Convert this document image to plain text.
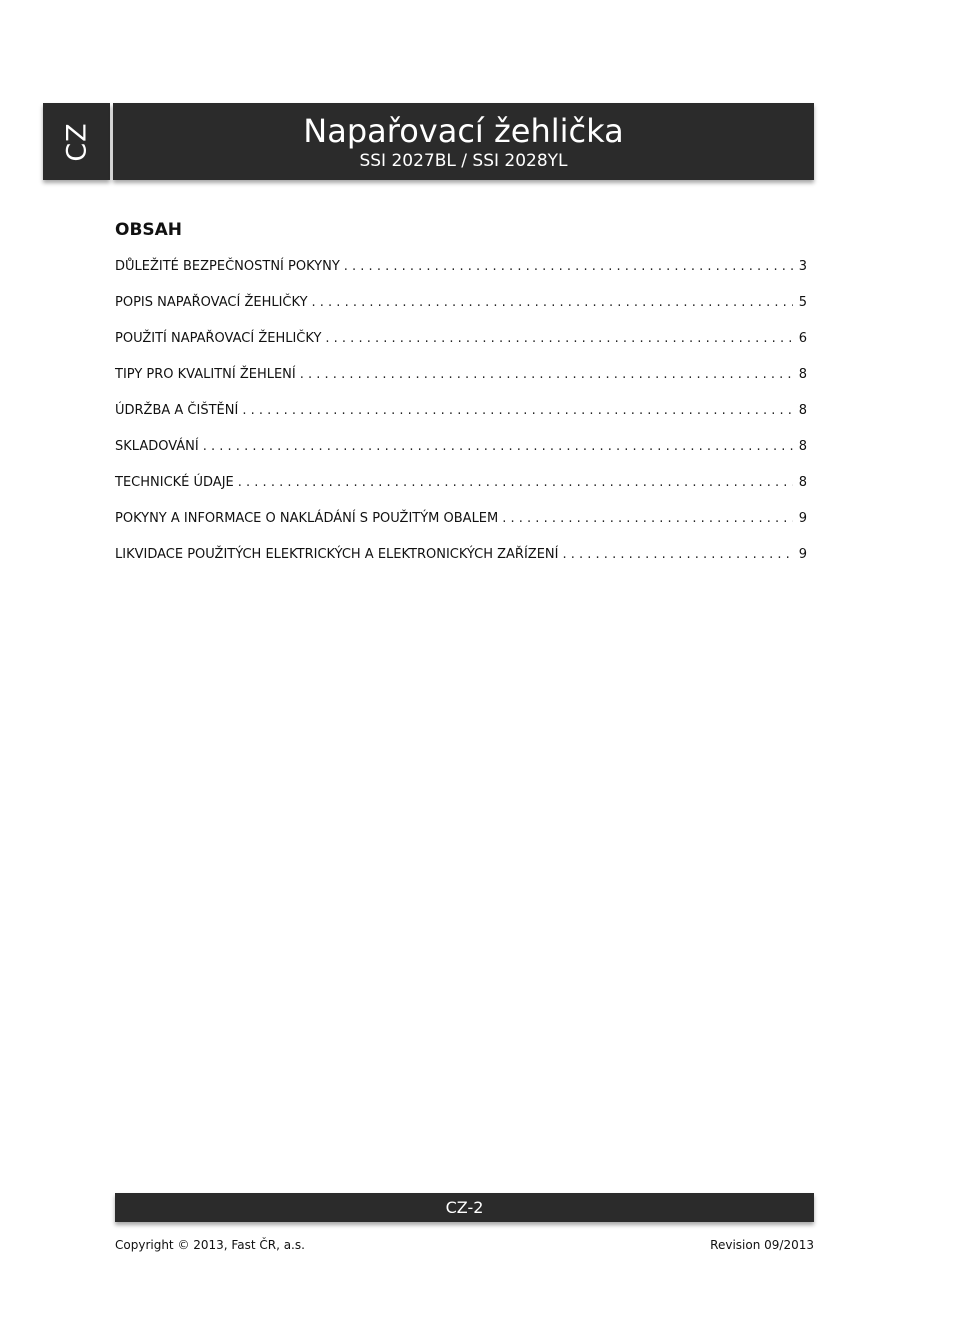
CZ	Napařovací žehlička
SSI 2027BL / SSI 2028YL
OBSAH
DŮLEŽITÉ BEZPEČNOSTNÍ POKYNY . . .	3
POPIS NAPAŘOVACÍ ŽEHLIČKY . . .	5
POUŽITÍ NAPAŘOVACÍ ŽEHLIČKY . . .	6
TIPY PRO KVALITNÍ ŽEHLENÍ . . .	8
ÚDRŽBA A ČIŠTĚNÍ . . .	8
SKLADOVÁNÍ . . .	8
TECHNICKÉ ÚDAJE . . .	8
POKYNY A INFORMACE O NAKLÁDÁNÍ S POUŽITÝM OBALEM . . .	9
LIKVIDACE POUŽITÝCH ELEKTRICKÝCH A ELEKTRONICKÝCH ZAŘÍZENÍ . . .	9
CZ-2
Copyright © 2013, Fast ČR, a.s.	Revision 09/2013
